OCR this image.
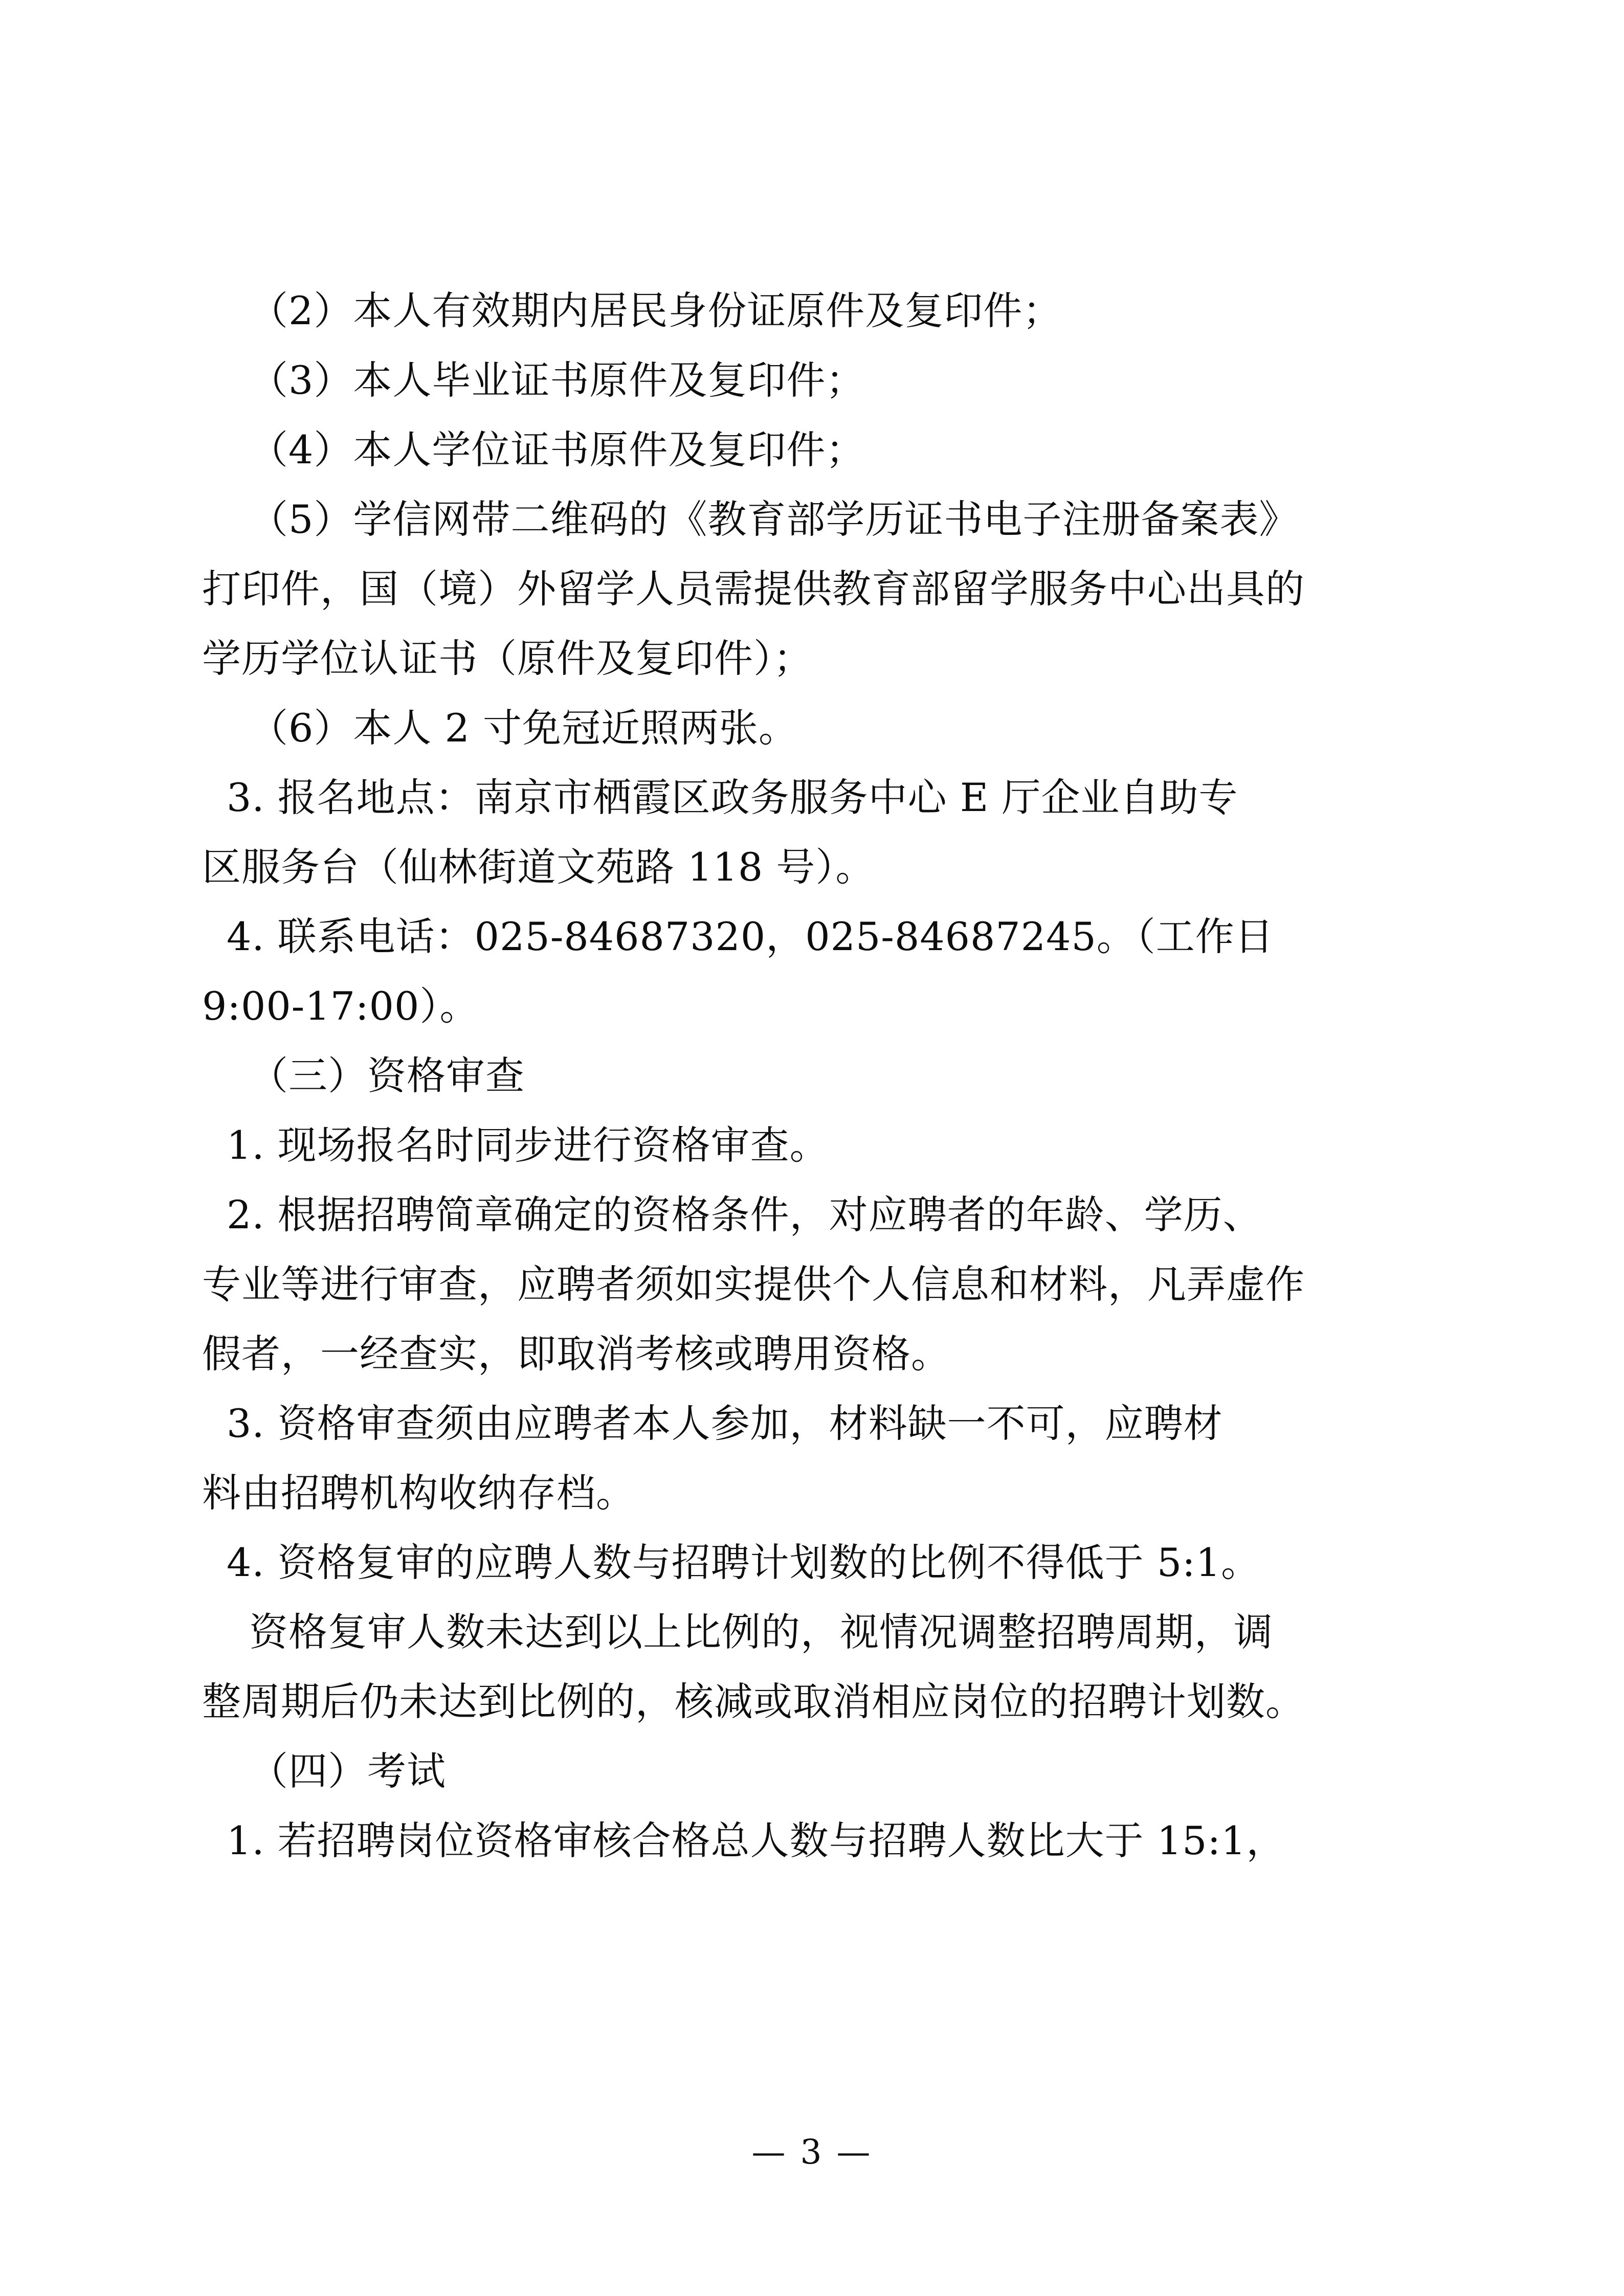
（2）本人有效期内居民身份证原件及复印件；
（3）本人毕业证书原件及复印件；
（4）本人学位证书原件及复印件；
（5）学信网带二维码的《教育部学历证书电子注册备案表》
打印件，国（境）外留学人员需提供教育部留学服务中心出具的
学历学位认证书（原件及复印件）；
（6）本人 2 寸免冠近照两张。
3. 报名地点：南京市栖霞区政务服务中心 E 厅企业自助专
区服务台（仙林街道文苑路 118 号）。
4. 联系电话：025-84687320，025-84687245。（工作日
9:00-17:00）。
（三）资格审查
1. 现场报名时同步进行资格审查。
2. 根据招聘简章确定的资格条件，对应聘者的年龄、学历、
专业等进行审查，应聘者须如实提供个人信息和材料，凡弄虚作
假者，一经查实，即取消考核或聘用资格。
3. 资格审查须由应聘者本人参加，材料缺一不可，应聘材
料由招聘机构收纳存档。
4. 资格复审的应聘人数与招聘计划数的比例不得低于 5:1。
资格复审人数未达到以上比例的，视情况调整招聘周期，调
整周期后仍未达到比例的，核减或取消相应岗位的招聘计划数。
（四）考试
1. 若招聘岗位资格审核合格总人数与招聘人数比大于 15:1，
— 3 —
